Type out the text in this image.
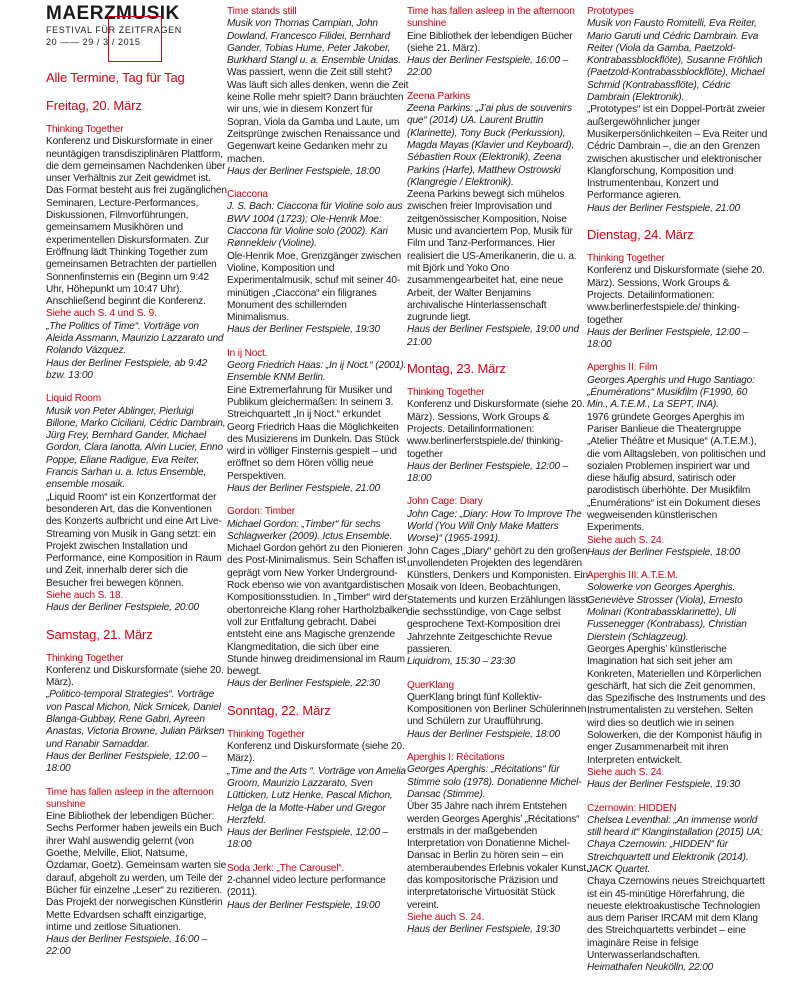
MAERZMUSIK
FESTIVAL FÜR ZEITFRAGEN
20 —— 29 / 3 / 2015
Alle Termine, Tag für Tag
Freitag, 20. März
Thinking Together

Konferenz und Diskursformate in einer neuntägigen transdisziplinären Plattform, die dem gemeinsamen Nachdenken über unser Verhältnis zur Zeit gewidmet ist. Das Format besteht aus frei zugänglichen Seminaren, Lecture-Performances, Diskussionen, Filmvorführungen, gemeinsamem Musikhören und experimentellen Diskursformaten. Zur Eröffnung lädt Thinking Together zum gemeinsamen Betrachten der partiellen Sonnenfinsternis ein (Beginn um 9:42 Uhr, Höhepunkt um 10:47 Uhr). Anschließend beginnt die Konferenz.

Siehe auch S. 4 und S. 9.

„The Politics of Time“. Vorträge von Aleida Assmann, Maurizio Lazzarato und Rolando Vázquez.

Haus der Berliner Festspiele, ab 9:42 bzw. 13:00

Liquid Room

Musik von Peter Ablinger, Pierluigi Billone, Marko Ciciliani, Cédric Dambrain, Jürg Frey, Bernhard Gander, Michael Gordon, Clara Ianotta, Alvin Lucier, Enno Poppe, Eliane Radigue, Eva Reiter, Francis Sarhan u. a. Ictus Ensemble, ensemble mosaik.

„Liquid Room“ ist ein Konzertformat der besonderen Art, das die Konventionen des Konzerts aufbricht und eine Art Live-Streaming von Musik in Gang setzt: ein Projekt zwischen Installation und Performance, eine Komposition in Raum und Zeit, innerhalb derer sich die Besucher frei bewegen können.

Siehe auch S. 18.

Haus der Berliner Festspiele, 20:00

Samstag, 21. März
Thinking Together

Konferenz und Diskursformate (siehe 20. März).

„Politico-temporal Strategies“. Vorträge von Pascal Michon, Nick Srnicek, Daniel Blanga-Gubbay, Rene Gabri, Ayreen Anastas, Victoria Browne, Julian Pärksen und Ranabir Samaddar.

Haus der Berliner Festspiele, 12:00 – 18:00

Time has fallen asleep in the afternoon sunshine

Eine Bibliothek der lebendigen Bücher: Sechs Performer haben jeweils ein Buch ihrer Wahl auswendig gelernt (von Goethe, Melville, Eliot, Natsume, Özdamar, Goetz). Gemeinsam warten sie darauf, abgeholt zu werden, um Teile der Bücher für einzelne „Leser“ zu rezitieren. Das Projekt der norwegischen Künstlerin Mette Edvardsen schafft einzigartige, intime und zeitlose Situationen.

Haus der Berliner Festspiele, 16:00 – 22:00

Time stands still

Musik von Thomas Campian, John Dowland, Francesco Filidei, Bernhard Gander, Tobias Hume, Peter Jakober, Burkhard Stangl u. a. Ensemble Unidas.

Was passiert, wenn die Zeit still steht? Was läuft sich alles denken, wenn die Zeit keine Rolle mehr spielt? Dann bräuchten wir uns, wie in diesem Konzert für Sopran, Viola da Gamba und Laute, um Zeitsprünge zwischen Renaissance und Gegenwart keine Gedanken mehr zu machen.

Haus der Berliner Festspiele, 18:00

Ciaccona

J. S. Bach: Ciaccona für Violine solo aus BWV 1004 (1723); Ole-Henrik Moe: Ciaccona für Violine solo (2002). Kari Rønnekleiv (Violine).

Ole-Henrik Moe, Grenzgänger zwischen Violine, Komposition und Experimentalmusik, schuf mit seiner 40-minütigen „Ciaccona“ ein filigranes Monument des schillernden Minimalismus.

Haus der Berliner Festspiele, 19:30

In ij Noct.

Georg Friedrich Haas: „In ij Noct.“ (2001). Ensemble KNM Berlin.

Eine Extremerfahrung für Musiker und Publikum gleichermaßen: In seinem 3. Streichquartett „In ij Noct.“ erkundet Georg Friedrich Haas die Möglichkeiten des Musizierens im Dunkeln. Das Stück wird in völliger Finsternis gespielt – und eröffnet so dem Hören völlig neue Perspektiven.

Haus der Berliner Festspiele, 21:00

Gordon: Timber

Michael Gordon: „Timber“ für sechs Schlagwerker (2009). Ictus Ensemble.

Michael Gordon gehört zu den Pionieren des Post-Minimalismus. Sein Schaffen ist geprägt vom New Yorker Underground-Rock ebenso wie von avantgardistischen Kompositionsstudien. In „Timber“ wird der obertonreiche Klang roher Hartholzbalken voll zur Entfaltung gebracht. Dabei entsteht eine ans Magische grenzende Klangmeditation, die sich über eine Stunde hinweg dreidimensional im Raum bewegt.

Haus der Berliner Festspiele, 22:30

Sonntag, 22. März
Thinking Together

Konferenz und Diskursformate (siehe 20. März).

„Time and the Arts “. Vorträge von Amelia Groom, Maurizio Lazzarato, Sven Lütticken, Lutz Henke, Pascal Michon, Helga de la Motte-Haber und Gregor Herzfeld.

Haus der Berliner Festspiele, 12:00 – 18:00

Soda Jerk: „The Carousel“.

2-channel video lecture performance (2011).

Haus der Berliner Festspiele, 19:00

Time has fallen asleep in the afternoon sunshine

Eine Bibliothek der lebendigen Bücher (siehe 21. März).

Haus der Berliner Festspiele, 16:00 – 22:00

Zeena Parkins

Zeena Parkins: „J’ai plus de souvenirs que“ (2014) UA. Laurent Bruttin (Klarinette), Tony Buck (Perkussion), Magda Mayas (Klavier und Keyboard), Sébastien Roux (Elektronik), Zeena Parkins (Harfe), Matthew Ostrowski (Klangregie / Elektronik).

Zeena Parkins bewegt sich mühelos zwischen freier Improvisation und zeitgenössischer Komposition, Noise Music und avanciertem Pop, Musik für Film und Tanz-Performances. Hier realisiert die US-Amerikanerin, die u. a. mit Björk und Yoko Ono zusammengearbeitet hat, eine neue Arbeit, der Walter Benjamins archivalische Hinterlassenschaft zugrunde liegt.

Haus der Berliner Festspiele, 19:00 und 21:00

Montag, 23. März
Thinking Together

Konferenz und Diskursformate (siehe 20. März). Sessions, Work Groups & Projects. Detailinformationen: www.berlinerferstspiele.de/ thinking-together

Haus der Berliner Festspiele, 12:00 – 18:00

John Cage: Diary

John Cage: „Diary: How To Improve The World (You Will Only Make Matters Worse)“ (1965-1991).

John Cages „Diary“ gehört zu den großen unvollendeten Projekten des legendären Künstlers, Denkers und Komponisten. Ein Mosaik von Ideen, Beobachtungen, Statements und kurzen Erzählungen lässt die sechsstündige, von Cage selbst gesprochene Text-Komposition drei Jahrzehnte Zeitgeschichte Revue passieren.

Liquidrom, 15:30 – 23:30

QuerKlang

QuerKlang bringt fünf Kollektiv-Kompositionen von Berliner Schülerinnen und Schülern zur Uraufführung.

Haus der Berliner Festspiele, 18:00

Aperghis I: Récitations

Georges Aperghis: „Récitations“ für Stimme solo (1978). Donatienne Michel-Dansac (Stimme).

Über 35 Jahre nach ihrem Entstehen werden Georges Aperghis’ „Récitations“ erstmals in der maßgebenden Interpretation von Donatienne Michel-Dansac in Berlin zu hören sein – ein atemberaubendes Erlebnis vokaler Kunst, das kompositorische Präzision und interpretatorische Virtuosität Stück vereint.

Siehe auch S. 24.

Haus der Berliner Festspiele, 19:30

Prototypes

Musik von Fausto Romitelli, Eva Reiter, Mario Garuti und Cédric Dambrain. Eva Reiter (Viola da Gamba, Paetzold-Kontrabassblockflöte), Susanne Fröhlich (Paetzold-Kontrabassblockflöte), Michael Schmid (Kontrabassflöte), Cédric Dambrain (Elektronik).

„Prototypes“ ist ein Doppel-Porträt zweier außergewöhnlicher junger Musikerpersönlichkeiten – Eva Reiter und Cédric Dambrain –, die an den Grenzen zwischen akustischer und elektronischer Klangforschung, Komposition und Instrumentenbau, Konzert und Performance agieren.

Haus der Berliner Festspiele, 21:00

Dienstag, 24. März
Thinking Together

Konferenz und Diskursformate (siehe 20. März). Sessions, Work Groups & Projects. Detailinformationen: www.berlinerfestspiele.de/ thinking-together

Haus der Berliner Festspiele, 12:00 – 18:00

Aperghis II: Film

Georges Aperghis und Hugo Santiago: „Énumérations“ Musikfilm (F1990, 60 Min., A.T.E.M., La SEPT, INA).

1976 gründete Georges Aperghis im Pariser Banlieue die Theatergruppe „Atelier Théâtre et Musique“ (A.T.E.M.), die vom Alltagsleben, von politischen und sozialen Problemen inspiriert war und diese häufig absurd, satirisch oder parodistisch überhöhte. Der Musikfilm „Énumérations“ ist ein Dokument dieses wegweisenden künstlerischen Experiments.

Siehe auch S. 24.

Haus der Berliner Festspiele, 18:00

Aperghis III: A.T.E.M.

Solowerke von Georges Aperghis. Geneviève Strosser (Viola), Ernesto Molinari (Kontrabassklarinette), Uli Fussenegger (Kontrabass), Christian Dierstein (Schlagzeug).

Georges Aperghis’ künstlerische Imagination hat sich seit jeher am Konkreten, Materiellen und Körperlichen geschärft, hat sich die Zeit genommen, das Spezifische des Instruments und des Instrumentalisten zu verstehen. Selten wird dies so deutlich wie in seinen Solowerken, die der Komponist häufig in enger Zusammenarbeit mit ihren Interpreten entwickelt.

Siehe auch S. 24.

Haus der Berliner Festspiele, 19:30

Czernowin: HIDDEN

Chelsea Leventhal: „An immense world still heard it“ Klanginstallation (2015) UA; Chaya Czernowin: „HIDDEN“ für Streichquartett und Elektronik (2014). JACK Quartet.

Chaya Czernowins neues Streichquartett ist ein 45-minütige Hörerfahrung, die neueste elektroakustische Technologien aus dem Pariser IRCAM mit dem Klang des Streichquartetts verbindet – eine imaginäre Reise in felsige Unterwasserlandschaften.

Heimathafen Neukölln, 22:00
